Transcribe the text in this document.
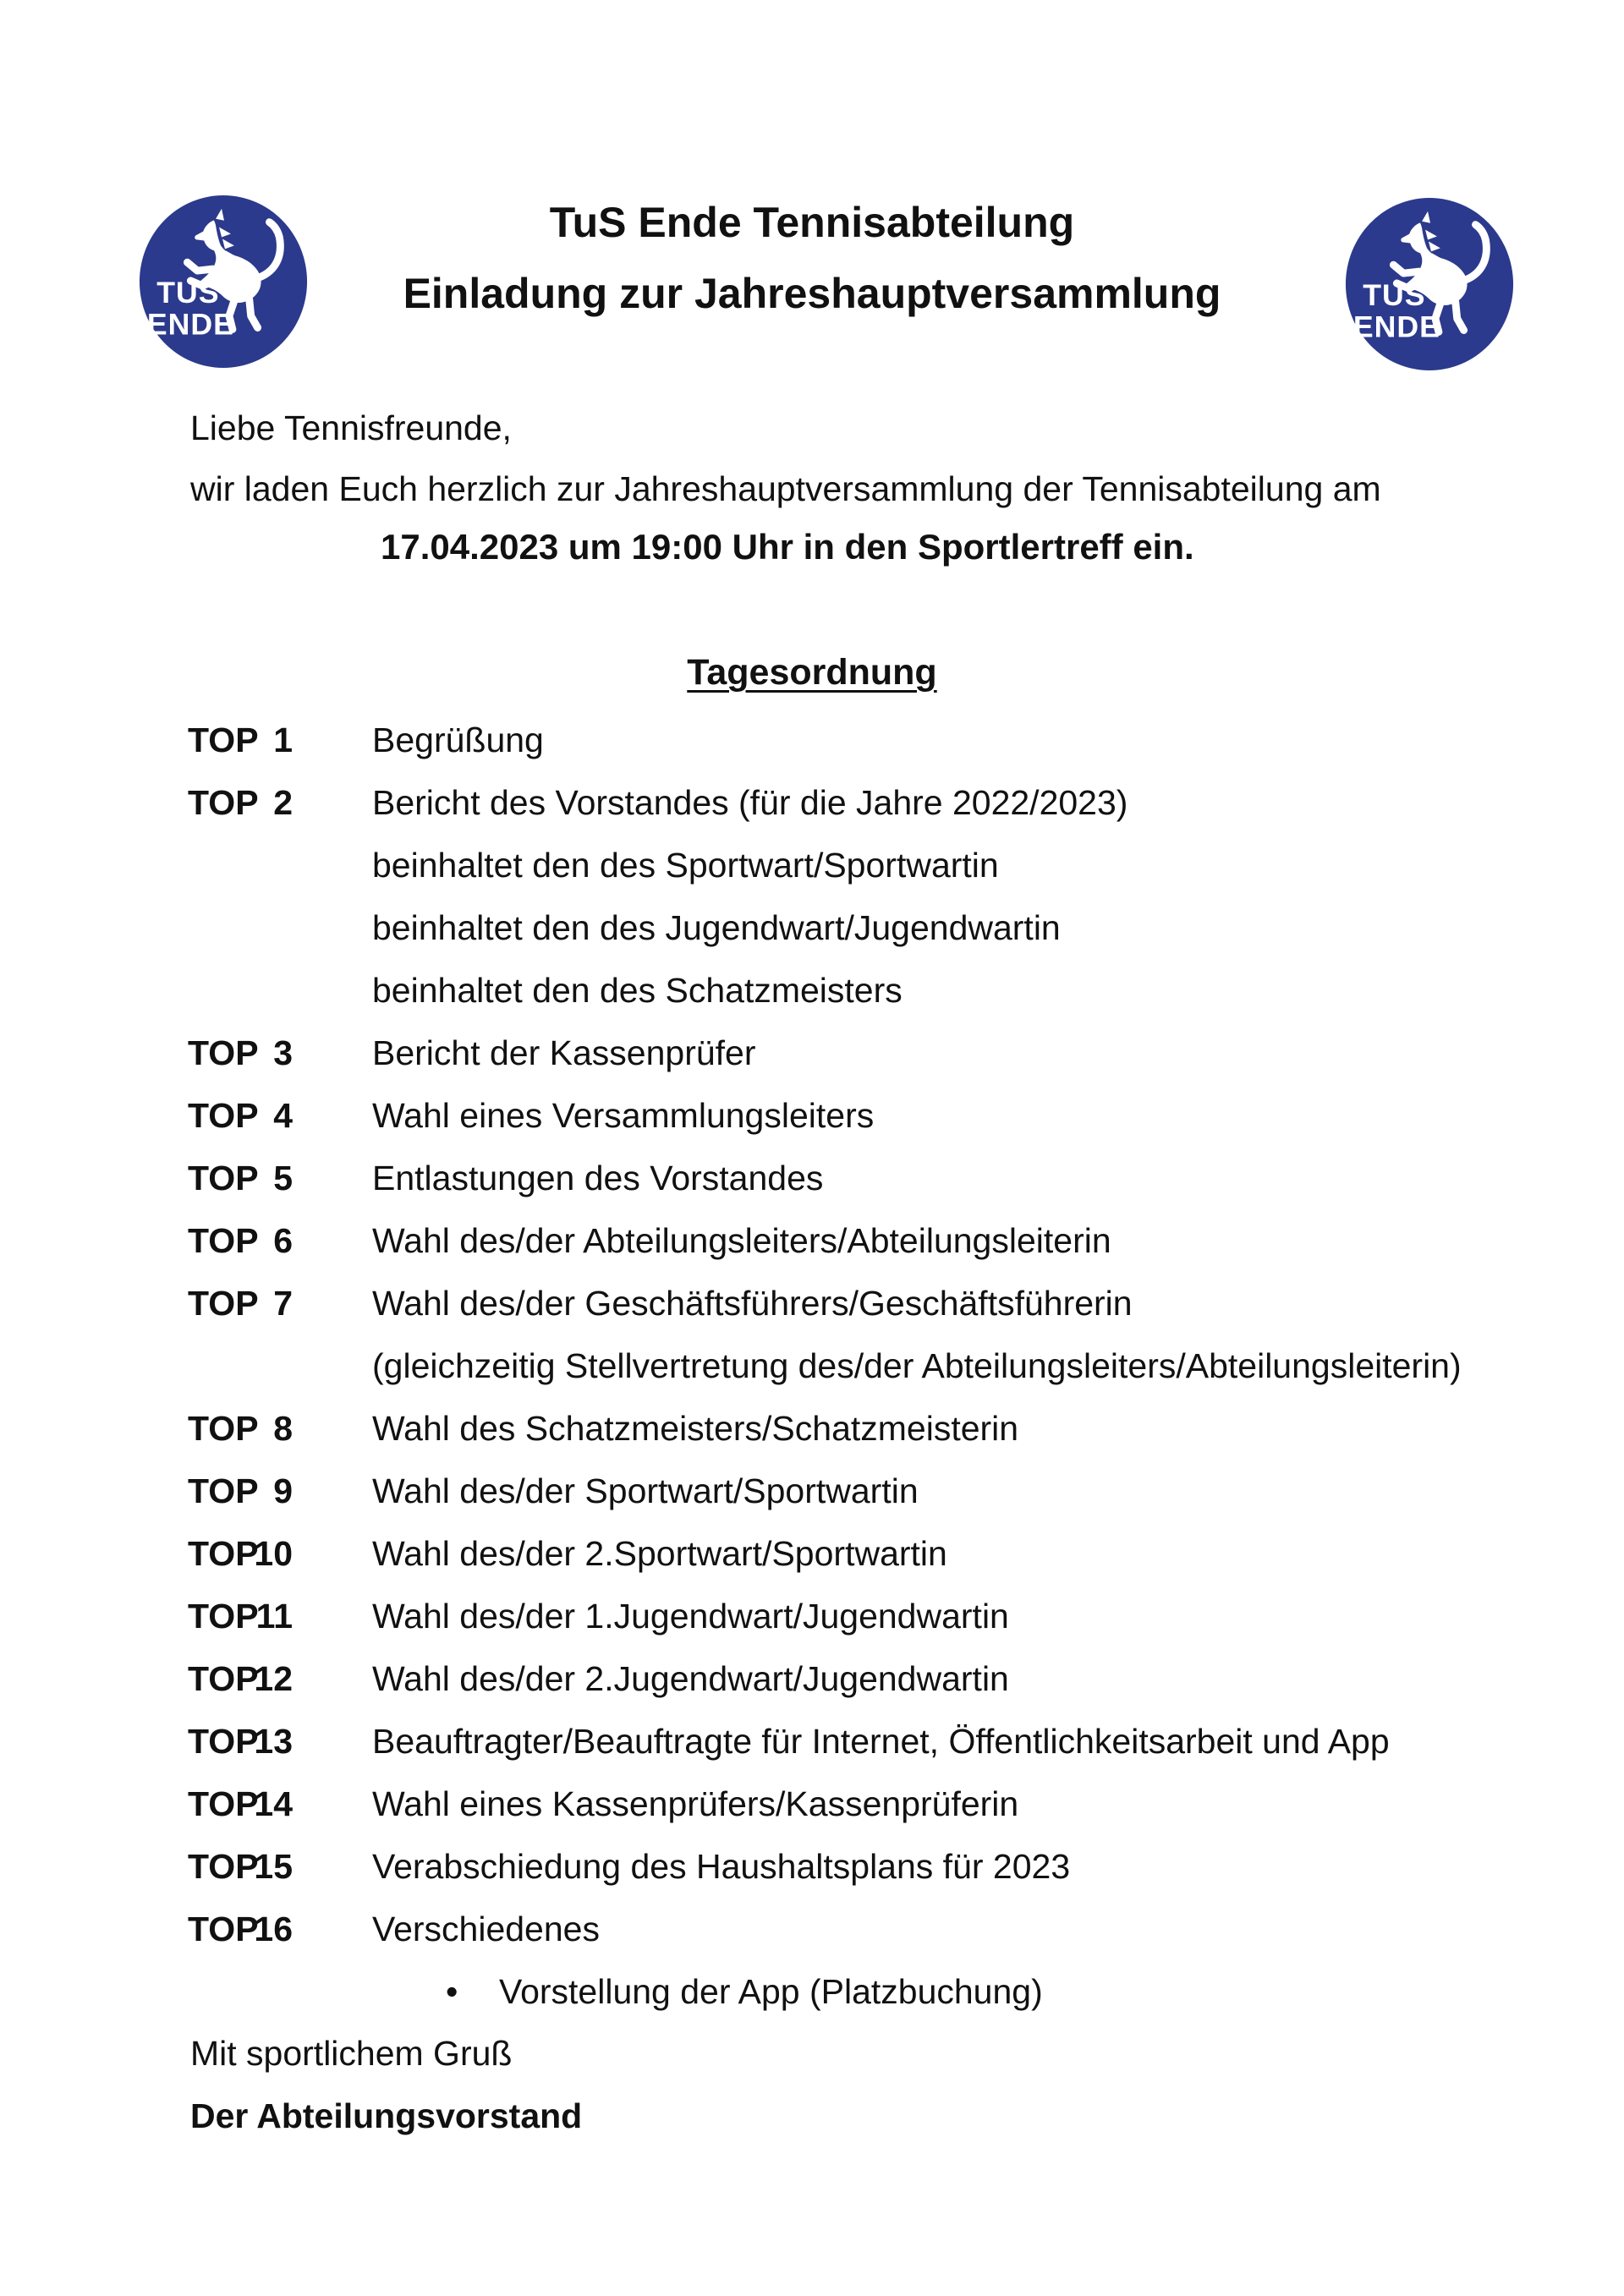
TUS
ENDE
TUS
ENDE
TuS Ende Tennisabteilung
Einladung zur Jahreshauptversammlung
Liebe Tennisfreunde,
wir laden Euch herzlich zur Jahreshauptversammlung der Tennisabteilung am
17.04.2023 um 19:00 Uhr in den Sportlertreff ein.
Tagesordnung
TOP 1 Begrüßung
TOP 2 Bericht des Vorstandes (für die Jahre 2022/2023)
beinhaltet den des Sportwart/Sportwartin
beinhaltet den des Jugendwart/Jugendwartin
beinhaltet den des Schatzmeisters
TOP 3 Bericht der Kassenprüfer
TOP 4 Wahl eines Versammlungsleiters
TOP 5 Entlastungen des Vorstandes
TOP 6 Wahl des/der Abteilungsleiters/Abteilungsleiterin
TOP 7 Wahl des/der Geschäftsführers/Geschäftsführerin
(gleichzeitig Stellvertretung des/der Abteilungsleiters/Abteilungsleiterin)
TOP 8 Wahl des Schatzmeisters/Schatzmeisterin
TOP 9 Wahl des/der Sportwart/Sportwartin
TOP
10 Wahl des/der 2.Sportwart/Sportwartin
TOP
11 Wahl des/der 1.Jugendwart/Jugendwartin
TOP
12 Wahl des/der 2.Jugendwart/Jugendwartin
TOP
13 Beauftragter/Beauftragte für Internet, Öffentlichkeitsarbeit und App
TOP
14 Wahl eines Kassenprüfers/Kassenprüferin
TOP
15 Verabschiedung des Haushaltsplans für 2023
TOP
16 Verschiedenes
• Vorstellung der App (Platzbuchung)
Mit sportlichem Gruß
Der Abteilungsvorstand
